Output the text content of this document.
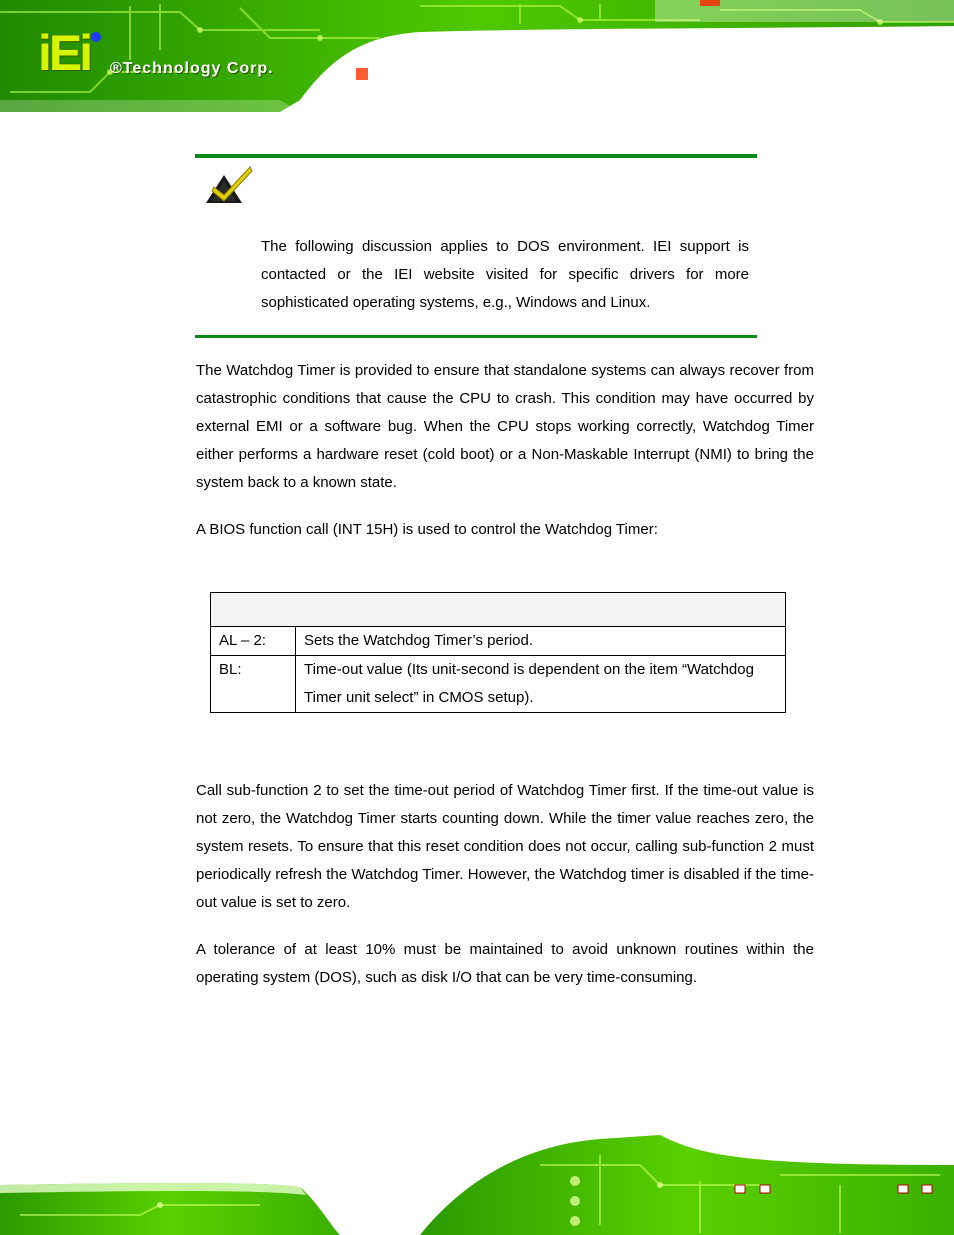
iEi ®Technology Corp.
The following discussion applies to DOS environment. IEI support is contacted or the IEI website visited for specific drivers for more sophisticated operating systems, e.g., Windows and Linux.
The Watchdog Timer is provided to ensure that standalone systems can always recover from catastrophic conditions that cause the CPU to crash. This condition may have occurred by external EMI or a software bug. When the CPU stops working correctly, Watchdog Timer either performs a hardware reset (cold boot) or a Non-Maskable Interrupt (NMI) to bring the system back to a known state.
A BIOS function call (INT 15H) is used to control the Watchdog Timer:

AL – 2:	Sets the Watchdog Timer’s period.
BL:	Time-out value (Its unit-second is dependent on the item “Watchdog Timer unit select” in CMOS setup).
Call sub-function 2 to set the time-out period of Watchdog Timer first. If the time-out value is not zero, the Watchdog Timer starts counting down. While the timer value reaches zero, the system resets. To ensure that this reset condition does not occur, calling sub-function 2 must periodically refresh the Watchdog Timer. However, the Watchdog timer is disabled if the time-out value is set to zero.
A tolerance of at least 10% must be maintained to avoid unknown routines within the operating system (DOS), such as disk I/O that can be very time-consuming.
